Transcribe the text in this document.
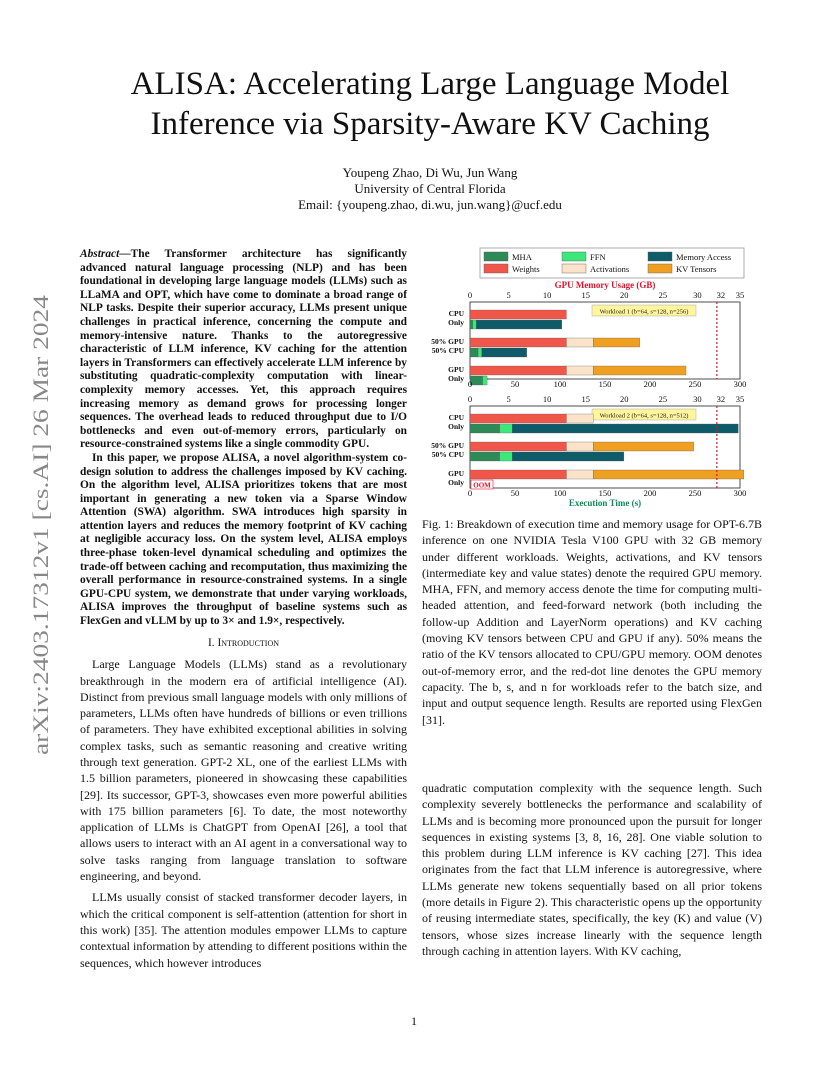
arXiv:2403.17312v1 [cs.AI] 26 Mar 2024
ALISA: Accelerating Large Language Model
Inference via Sparsity-Aware KV Caching
Youpeng Zhao, Di Wu, Jun Wang
University of Central Florida
Email: {youpeng.zhao, di.wu, jun.wang}@ucf.edu

Abstract—The Transformer architecture has significantly advanced natural language processing (NLP) and has been foundational in developing large language models (LLMs) such as LLaMA and OPT, which have come to dominate a broad range of NLP tasks. Despite their superior accuracy, LLMs present unique challenges in practical inference, concerning the compute and memory-intensive nature. Thanks to the autoregressive characteristic of LLM inference, KV caching for the attention layers in Transformers can effectively accelerate LLM inference by substituting quadratic-complexity computation with linear-complexity memory accesses. Yet, this approach requires increasing memory as demand grows for processing longer sequences. The overhead leads to reduced throughput due to I/O bottlenecks and even out-of-memory errors, particularly on resource-constrained systems like a single commodity GPU.

In this paper, we propose ALISA, a novel algorithm-system co-design solution to address the challenges imposed by KV caching. On the algorithm level, ALISA prioritizes tokens that are most important in generating a new token via a Sparse Window Attention (SWA) algorithm. SWA introduces high sparsity in attention layers and reduces the memory footprint of KV caching at negligible accuracy loss. On the system level, ALISA employs three-phase token-level dynamical scheduling and optimizes the trade-off between caching and recomputation, thus maximizing the overall performance in resource-constrained systems. In a single GPU-CPU system, we demonstrate that under varying workloads, ALISA improves the throughput of baseline systems such as FlexGen and vLLM by up to 3× and 1.9×, respectively.

I. Introduction

Large Language Models (LLMs) stand as a revolutionary breakthrough in the modern era of artificial intelligence (AI). Distinct from previous small language models with only millions of parameters, LLMs often have hundreds of billions or even trillions of parameters. They have exhibited exceptional abilities in solving complex tasks, such as semantic reasoning and creative writing through text generation. GPT-2 XL, one of the earliest LLMs with 1.5 billion parameters, pioneered in showcasing these capabilities [29]. Its successor, GPT-3, showcases even more powerful abilities with 175 billion parameters [6]. To date, the most noteworthy application of LLMs is ChatGPT from OpenAI [26], a tool that allows users to interact with an AI agent in a conversational way to solve tasks ranging from language translation to software engineering, and beyond.

LLMs usually consist of stacked transformer decoder layers, in which the critical component is self-attention (attention for short in this work) [35]. The attention modules empower LLMs to capture contextual information by attending to different positions within the sequences, which however introduces

MHA	FFN	Memory Access
Weights	Activations	KV Tensors
GPU Memory Usage (GB)
0	5	10	15	20	25	30 32 35
Workload 1 (b=64, s=128, n=256)
CPU
Only
50% GPU
50% CPU
GPU
Only
0	50	100	150	200	250	300
0	5	10	15	20	25	30 32 35
Workload 2 (b=64, s=128, n=512)
CPU
Only
50% GPU
50% CPU
GPU
Only OOM
0	50	100	150	200	250	300
Execution Time (s)
Fig. 1: Breakdown of execution time and memory usage for OPT-6.7B inference on one NVIDIA Tesla V100 GPU with 32 GB memory under different workloads. Weights, activations, and KV tensors (intermediate key and value states) denote the required GPU memory. MHA, FFN, and memory access denote the time for computing multi-headed attention, and feed-forward network (both including the follow-up Addition and LayerNorm operations) and KV caching (moving KV tensors between CPU and GPU if any). 50% means the ratio of the KV tensors allocated to CPU/GPU memory. OOM denotes out-of-memory error, and the red-dot line denotes the GPU memory capacity. The b, s, and n for workloads refer to the batch size, and input and output sequence length. Results are reported using FlexGen [31].
quadratic computation complexity with the sequence length. Such complexity severely bottlenecks the performance and scalability of LLMs and is becoming more pronounced upon the pursuit for longer sequences in existing systems [3, 8, 16, 28]. One viable solution to this problem during LLM inference is KV caching [27]. This idea originates from the fact that LLM inference is autoregressive, where LLMs generate new tokens sequentially based on all prior tokens (more details in Figure 2). This characteristic opens up the opportunity of reusing intermediate states, specifically, the key (K) and value (V) tensors, whose sizes increase linearly with the sequence length through caching in attention layers. With KV caching,
1
